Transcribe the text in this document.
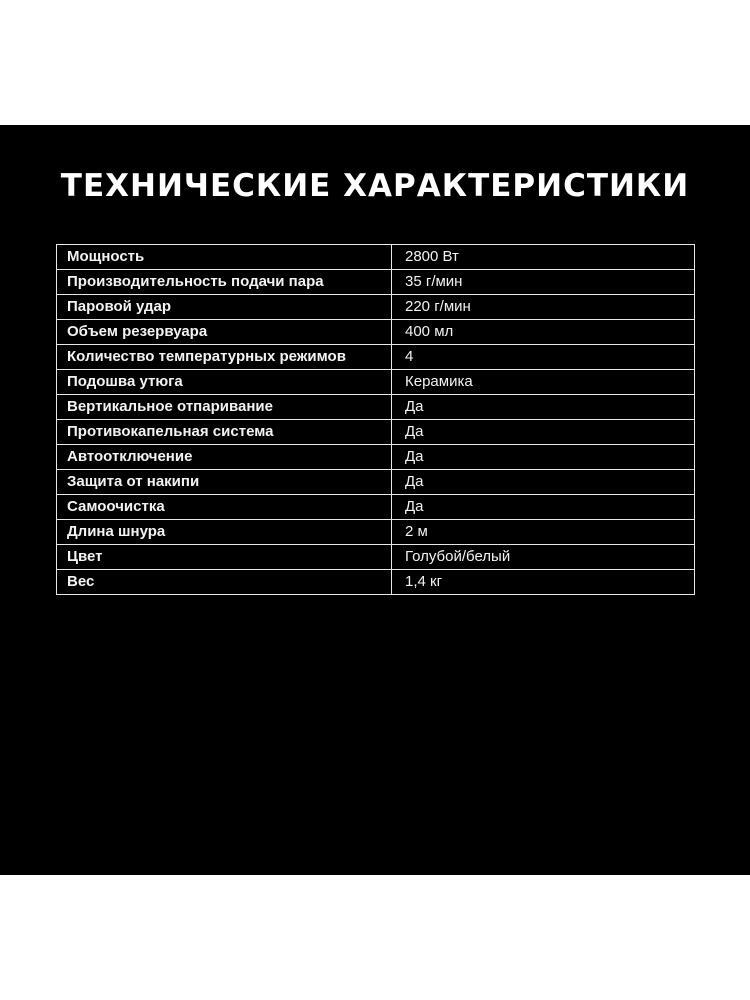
ТЕХНИЧЕСКИЕ ХАРАКТЕРИСТИКИ
Мощность	2800 Вт
Производительность подачи пара	35 г/мин
Паровой удар	220 г/мин
Объем резервуара	400 мл
Количество температурных режимов	4
Подошва утюга	Керамика
Вертикальное отпаривание	Да
Противокапельная система	Да
Автоотключение	Да
Защита от накипи	Да
Самоочистка	Да
Длина шнура	2 м
Цвет	Голубой/белый
Вес	1,4 кг
